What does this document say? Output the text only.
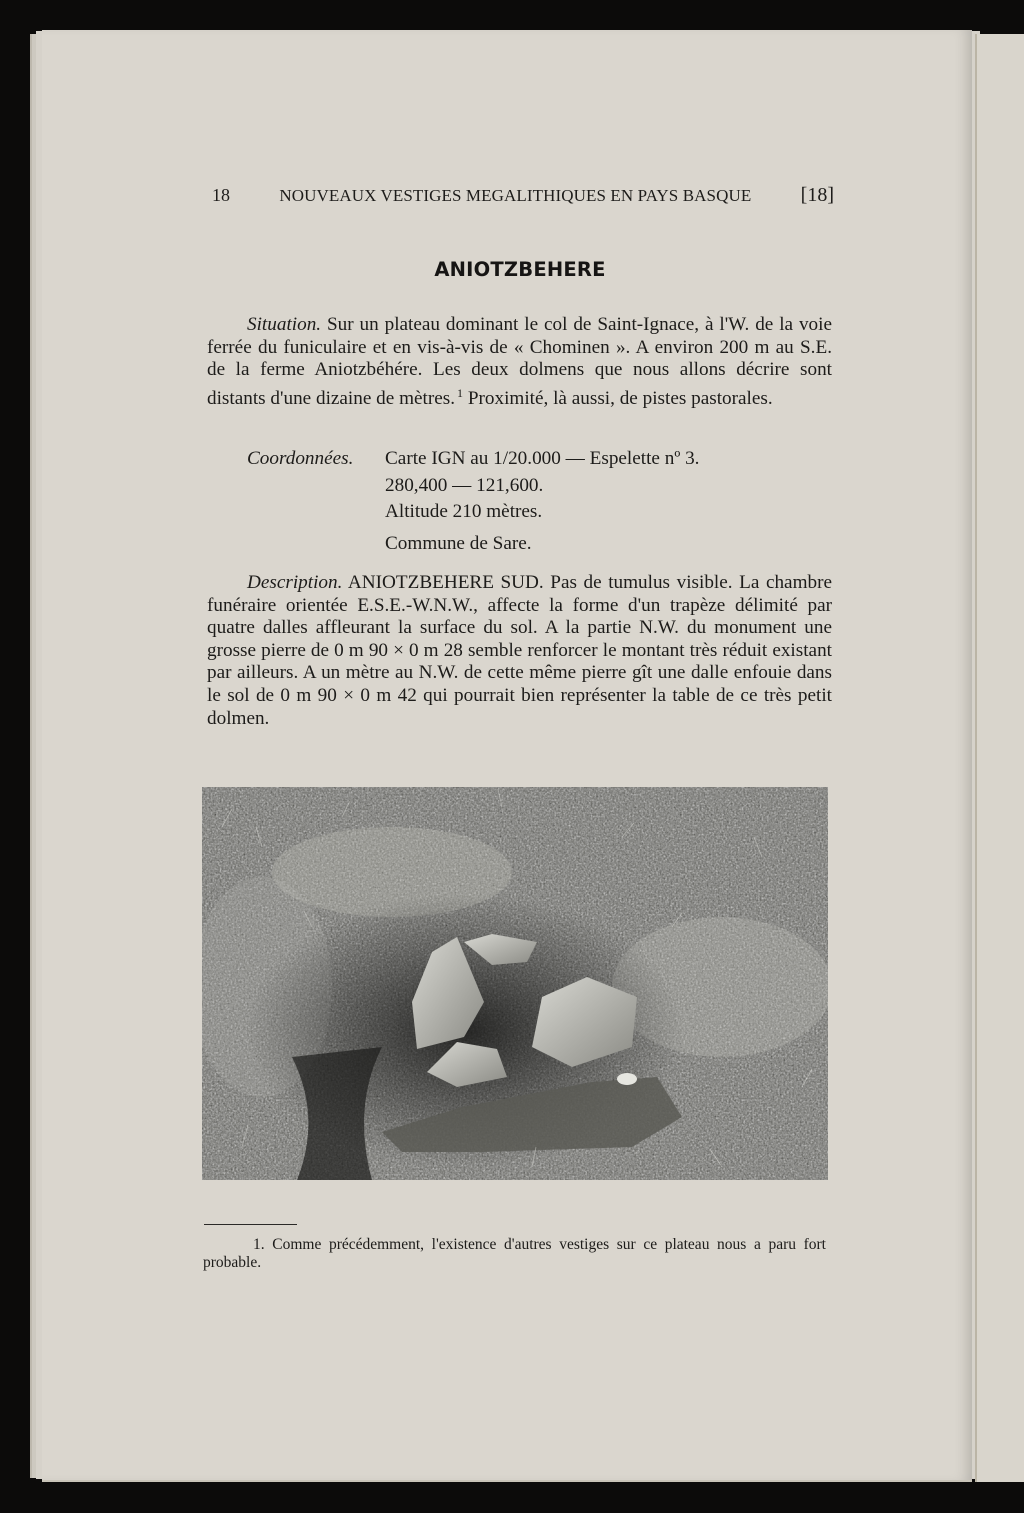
18	NOUVEAUX VESTIGES MEGALITHIQUES EN PAYS BASQUE [18]
ANIOTZBEHERE

Situation. Sur un plateau dominant le col de Saint-Ignace, à l'W. de la voie ferrée du funiculaire et en vis-à-vis de « Chominen ». A environ 200 m au S.E. de la ferme Aniotzbéhére. Les deux dolmens que nous allons décrire sont distants d'une dizaine de mètres. $^1$ Proximité, là aussi, de pistes pastorales.

Coordonnées.	Carte IGN au 1/20.000 — Espelette nº 3.
280,400 — 121,600.
Altitude 210 mètres.
Commune de Sare.

Description. ANIOTZBEHERE SUD. Pas de tumulus visible. La chambre funéraire orientée E.S.E.-W.N.W., affecte la forme d'un trapèze délimité par quatre dalles affleurant la surface du sol. A la partie N.W. du monument une grosse pierre de 0 m 90 × 0 m 28 semble renforcer le montant très réduit existant par ailleurs. A un mètre au N.W. de cette même pierre gît une dalle enfouie dans le sol de 0 m 90 × 0 m 42 qui pourrait bien représenter la table de ce très petit dolmen.

1. Comme précédemment, l'existence d'autres vestiges sur ce plateau nous a paru fort probable.
